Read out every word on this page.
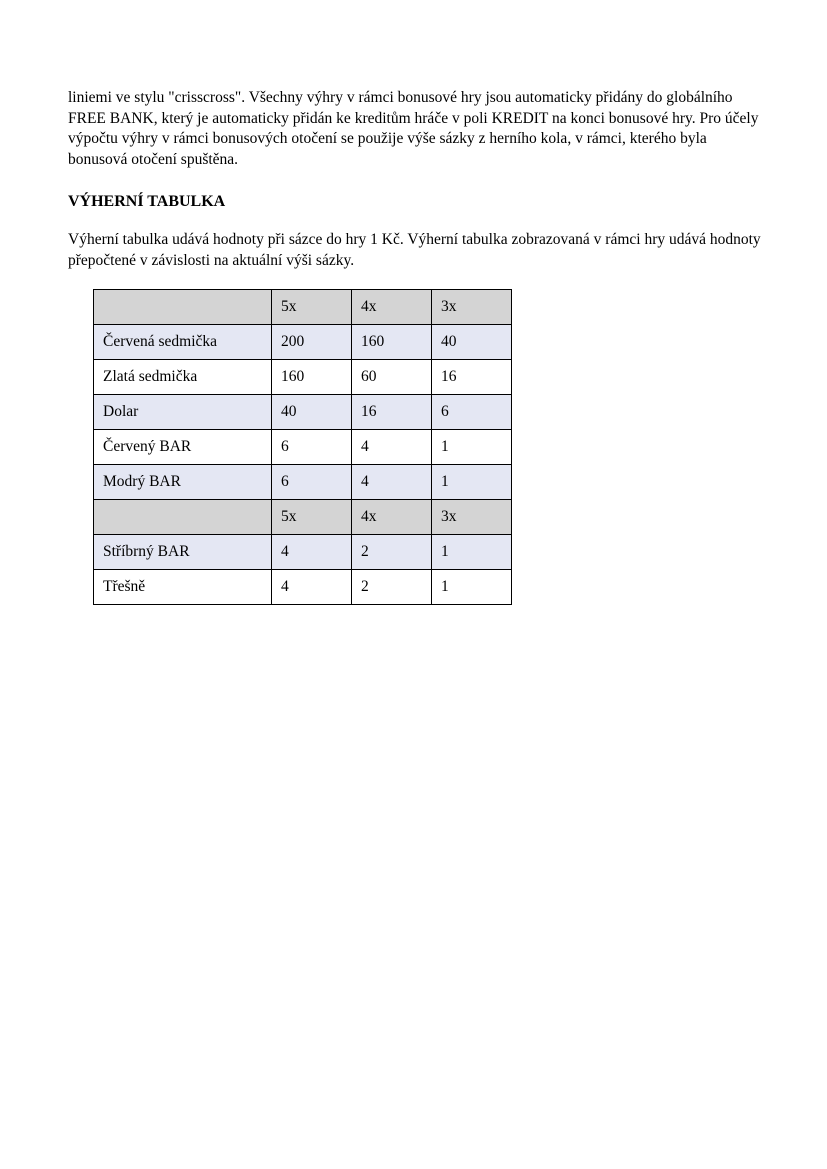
liniemi ve stylu "crisscross". Všechny výhry v rámci bonusové hry jsou automaticky přidány do globálního FREE BANK, který je automaticky přidán ke kreditům hráče v poli KREDIT na konci bonusové hry. Pro účely výpočtu výhry v rámci bonusových otočení se použije výše sázky z herního kola, v rámci, kterého byla bonusová otočení spuštěna.

VÝHERNÍ TABULKA

Výherní tabulka udává hodnoty při sázce do hry 1 Kč. Výherní tabulka zobrazovaná v rámci hry udává hodnoty přepočtené v závislosti na aktuální výši sázky.

	5x	4x	3x
Červená sedmička	200	160	40
Zlatá sedmička	160	60	16
Dolar	40	16	6
Červený BAR	6	4	1
Modrý BAR	6	4	1
	5x	4x	3x
Stříbrný BAR	4	2	1
Třešně	4	2	1
